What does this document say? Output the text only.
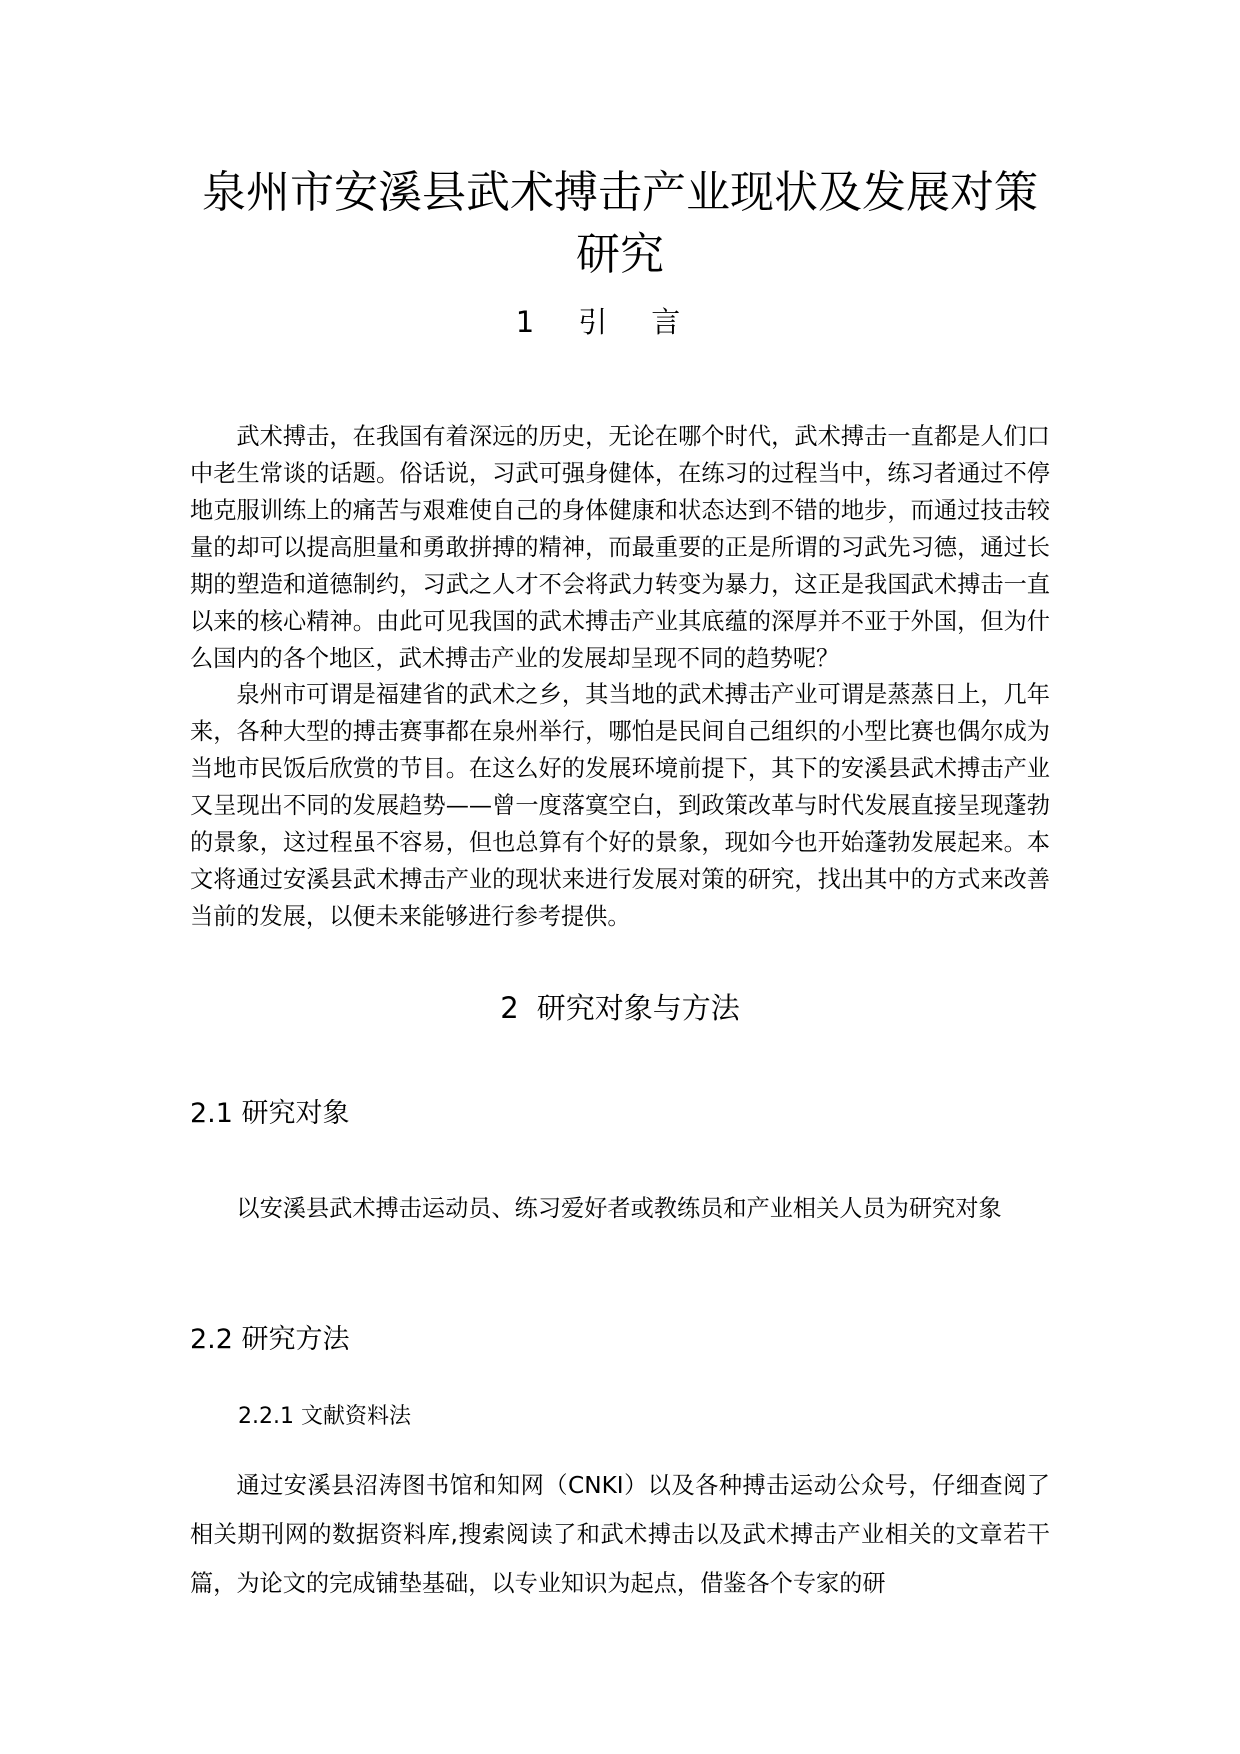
泉州市安溪县武术搏击产业现状及发展对策研究
1 引言

武术搏击，在我国有着深远的历史，无论在哪个时代，武术搏击一直都是人们口中老生常谈的话题。俗话说，习武可强身健体，在练习的过程当中，练习者通过不停地克服训练上的痛苦与艰难使自己的身体健康和状态达到不错的地步，而通过技击较量的却可以提高胆量和勇敢拼搏的精神，而最重要的正是所谓的习武先习德，通过长期的塑造和道德制约，习武之人才不会将武力转变为暴力，这正是我国武术搏击一直以来的核心精神。由此可见我国的武术搏击产业其底蕴的深厚并不亚于外国，但为什么国内的各个地区，武术搏击产业的发展却呈现不同的趋势呢？

泉州市可谓是福建省的武术之乡，其当地的武术搏击产业可谓是蒸蒸日上，几年来，各种大型的搏击赛事都在泉州举行，哪怕是民间自己组织的小型比赛也偶尔成为当地市民饭后欣赏的节目。在这么好的发展环境前提下，其下的安溪县武术搏击产业又呈现出不同的发展趋势——曾一度落寞空白，到政策改革与时代发展直接呈现蓬勃的景象，这过程虽不容易，但也总算有个好的景象，现如今也开始蓬勃发展起来。本文将通过安溪县武术搏击产业的现状来进行发展对策的研究，找出其中的方式来改善当前的发展，以便未来能够进行参考提供。

2 研究对象与方法
2.1 研究对象

以安溪县武术搏击运动员、练习爱好者或教练员和产业相关人员为研究对象

2.2 研究方法
2.2.1 文献资料法

通过安溪县沼涛图书馆和知网（CNKI）以及各种搏击运动公众号，仔细查阅了相关期刊网的数据资料库,搜索阅读了和武术搏击以及武术搏击产业相关的文章若干篇，为论文的完成铺垫基础，以专业知识为起点，借鉴各个专家的研
